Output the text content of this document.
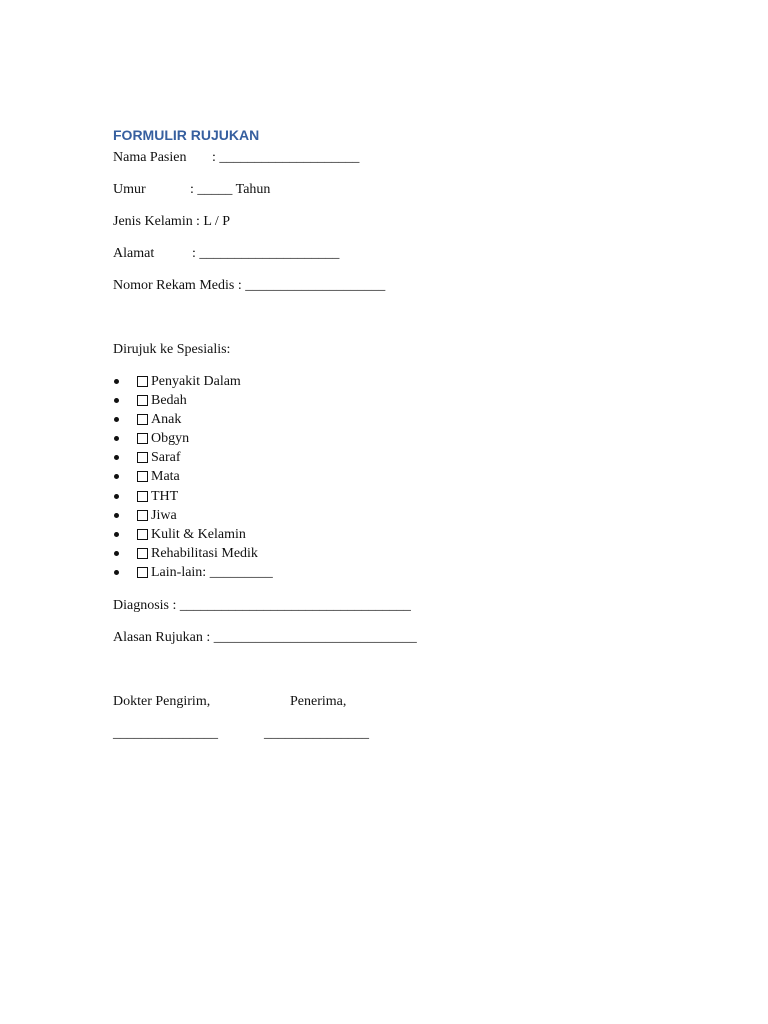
FORMULIR RUJUKAN
Nama Pasien : ____________________
Umur	: _____ Tahun
Jenis Kelamin : L / P
Alamat	: ____________________
Nomor Rekam Medis : ____________________
Dirujuk ke Spesialis:
Penyakit Dalam
Bedah
Anak
Obgyn
Saraf
Mata
THT
Jiwa
Kulit & Kelamin
Rehabilitasi Medik
Lain-lain: _________
Diagnosis : _________________________________
Alasan Rujukan : _____________________________
Dokter Pengirim,	Penerima,
_______________	_______________
